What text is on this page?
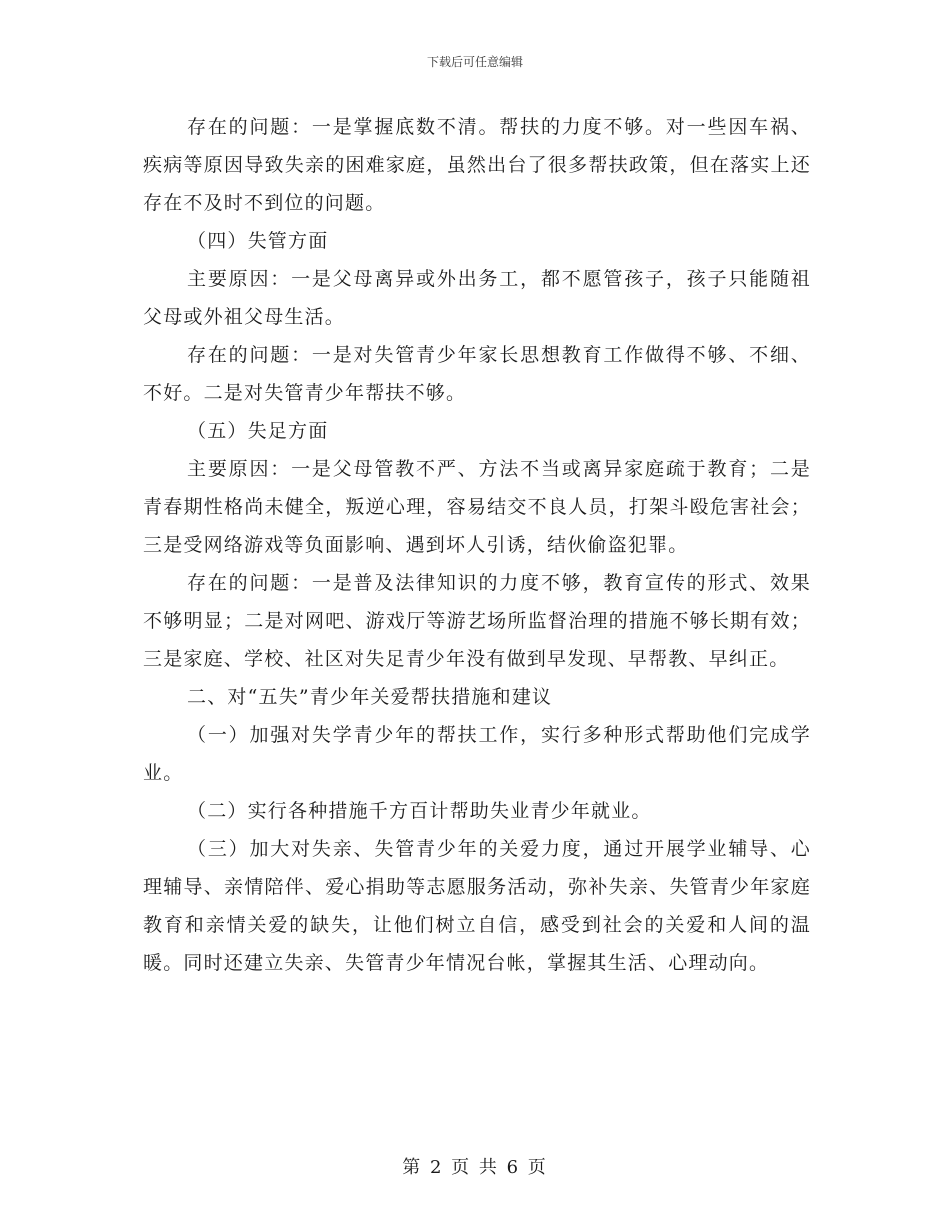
下载后可任意编辑

存在的问题：一是掌握底数不清。帮扶的力度不够。对一些因车祸、疾病等原因导致失亲的困难家庭，虽然出台了很多帮扶政策，但在落实上还存在不及时不到位的问题。

（四）失管方面

主要原因：一是父母离异或外出务工，都不愿管孩子，孩子只能随祖父母或外祖父母生活。

存在的问题：一是对失管青少年家长思想教育工作做得不够、不细、不好。二是对失管青少年帮扶不够。

（五）失足方面

主要原因：一是父母管教不严、方法不当或离异家庭疏于教育；二是青春期性格尚未健全，叛逆心理，容易结交不良人员，打架斗殴危害社会；三是受网络游戏等负面影响、遇到坏人引诱，结伙偷盗犯罪。

存在的问题：一是普及法律知识的力度不够，教育宣传的形式、效果不够明显；二是对网吧、游戏厅等游艺场所监督治理的措施不够长期有效；三是家庭、学校、社区对失足青少年没有做到早发现、早帮教、早纠正。

二、对“五失”青少年关爱帮扶措施和建议

（一）加强对失学青少年的帮扶工作，实行多种形式帮助他们完成学业。

（二）实行各种措施千方百计帮助失业青少年就业。

（三）加大对失亲、失管青少年的关爱力度，通过开展学业辅导、心理辅导、亲情陪伴、爱心捐助等志愿服务活动，弥补失亲、失管青少年家庭教育和亲情关爱的缺失，让他们树立自信，感受到社会的关爱和人间的温暖。同时还建立失亲、失管青少年情况台帐，掌握其生活、心理动向。

第 2 页 共 6 页
